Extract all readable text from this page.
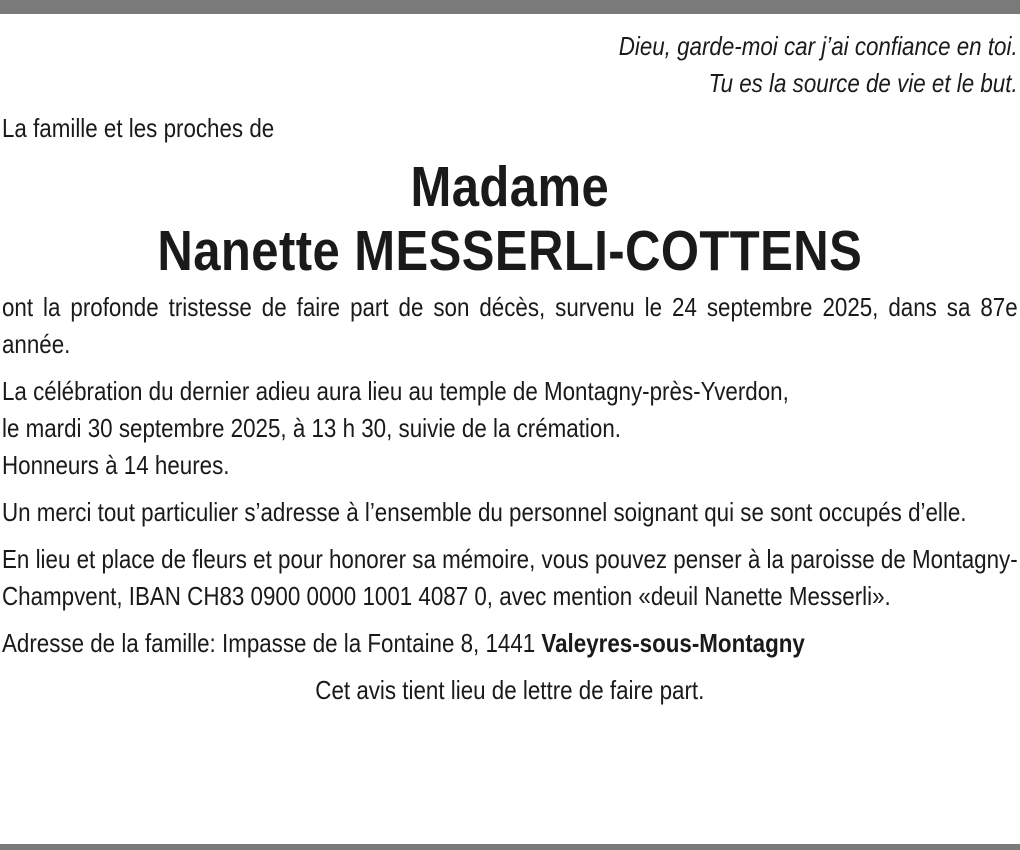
Dieu, garde-moi car j’ai confiance en toi.
Tu es la source de vie et le but.

La famille et les proches de

Madame
Nanette MESSERLI-COTTENS

ont la profonde tristesse de faire part de son décès, survenu le 24 septembre 2025, dans sa 87e année.

La célébration du dernier adieu aura lieu au temple de Montagny-près-Yverdon,
le mardi 30 septembre 2025, à 13 h 30, suivie de la crémation.
Honneurs à 14 heures.

Un merci tout particulier s’adresse à l’ensemble du personnel soignant qui se sont occupés d’elle.

En lieu et place de fleurs et pour honorer sa mémoire, vous pouvez penser à la paroisse de Montagny-Champvent, IBAN CH83 0900 0000 1001 4087 0, avec mention «deuil Nanette Messerli».

Adresse de la famille: Impasse de la Fontaine 8, 1441 Valeyres-sous-Montagny

Cet avis tient lieu de lettre de faire part.
